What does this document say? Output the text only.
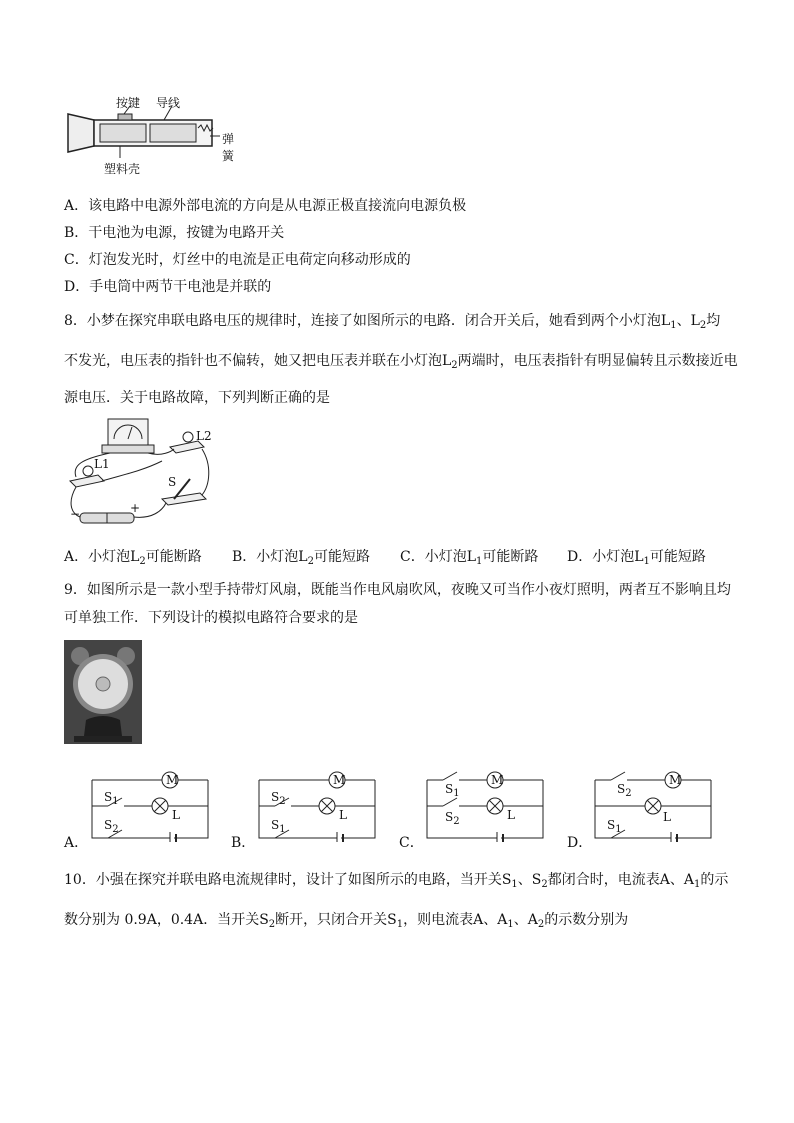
按键 导线
弹簧
塑料壳
A．该电路中电源外部电流的方向是从电源正极直接流向电源负极
B．干电池为电源，按键为电路开关
C．灯泡发光时，灯丝中的电流是正电荷定向移动形成的
D．手电筒中两节干电池是并联的
8．小梦在探究串联电路电压的规律时，连接了如图所示的电路．闭合开关后，她看到两个小灯泡$L_1$、$L_2$均
不发光，电压表的指针也不偏转，她又把电压表并联在小灯泡$L_2$两端时，电压表指针有明显偏转且示数接近电
源电压．关于电路故障，下列判断正确的是
L2
L1
S
−	+
A．小灯泡$L_2$可能断路 B．小灯泡$L_2$可能短路 C．小灯泡$L_1$可能断路 D．小灯泡$L_1$可能短路
9．如图所示是一款小型手持带灯风扇，既能当作电风扇吹风，夜晚又可当作小夜灯照明，两者互不影响且均
可单独工作．下列设计的模拟电路符合要求的是
A．
M
$S_1$
L
$S_2$
B．
M
$S_2$
L
$S_1$
C．
M
$S_1$
$S_2$	L
D．
M
$S_2$
L
$S_1$
10．小强在探究并联电路电流规律时，设计了如图所示的电路，当开关$S_1$、$S_2$都闭合时，电流表A、$A_1$的示
数分别为 0.9A，0.4A．当开关$S_2$断开，只闭合开关$S_1$，则电流表A、$A_1$、$A_2$的示数分别为
